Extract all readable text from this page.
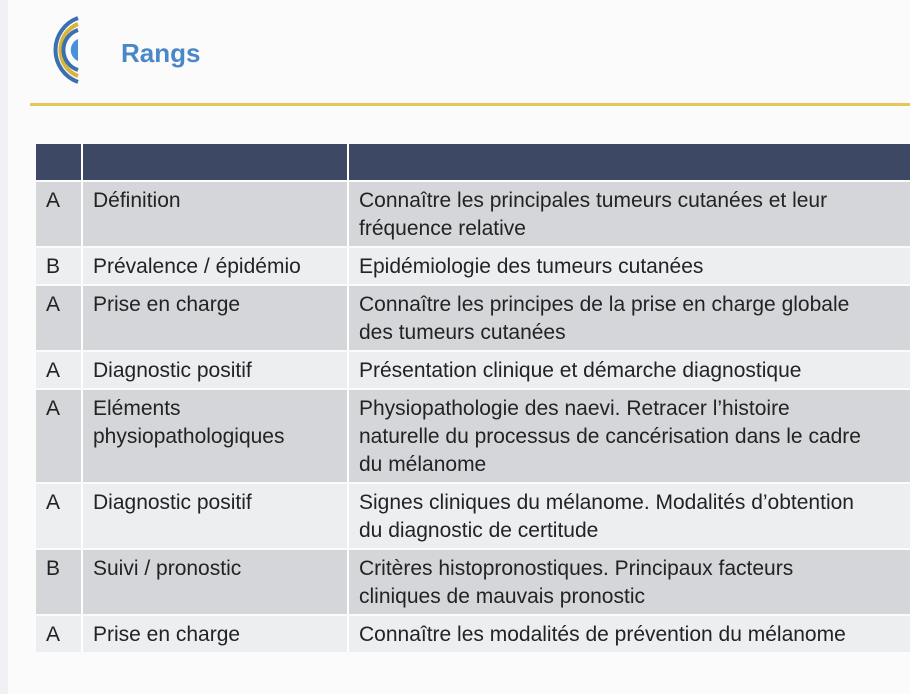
Rangs

A	Définition	Connaître les principales tumeurs cutanées et leur
fréquence relative
B	Prévalence / épidémio	Epidémiologie des tumeurs cutanées
A	Prise en charge	Connaître les principes de la prise en charge globale
des tumeurs cutanées
A	Diagnostic positif	Présentation clinique et démarche diagnostique
A	Eléments
physiopathologiques	Physiopathologie des naevi. Retracer l’histoire
naturelle du processus de cancérisation dans le cadre
du mélanome
A	Diagnostic positif	Signes cliniques du mélanome. Modalités d’obtention
du diagnostic de certitude
B	Suivi / pronostic	Critères histopronostiques. Principaux facteurs
cliniques de mauvais pronostic
A	Prise en charge	Connaître les modalités de prévention du mélanome
